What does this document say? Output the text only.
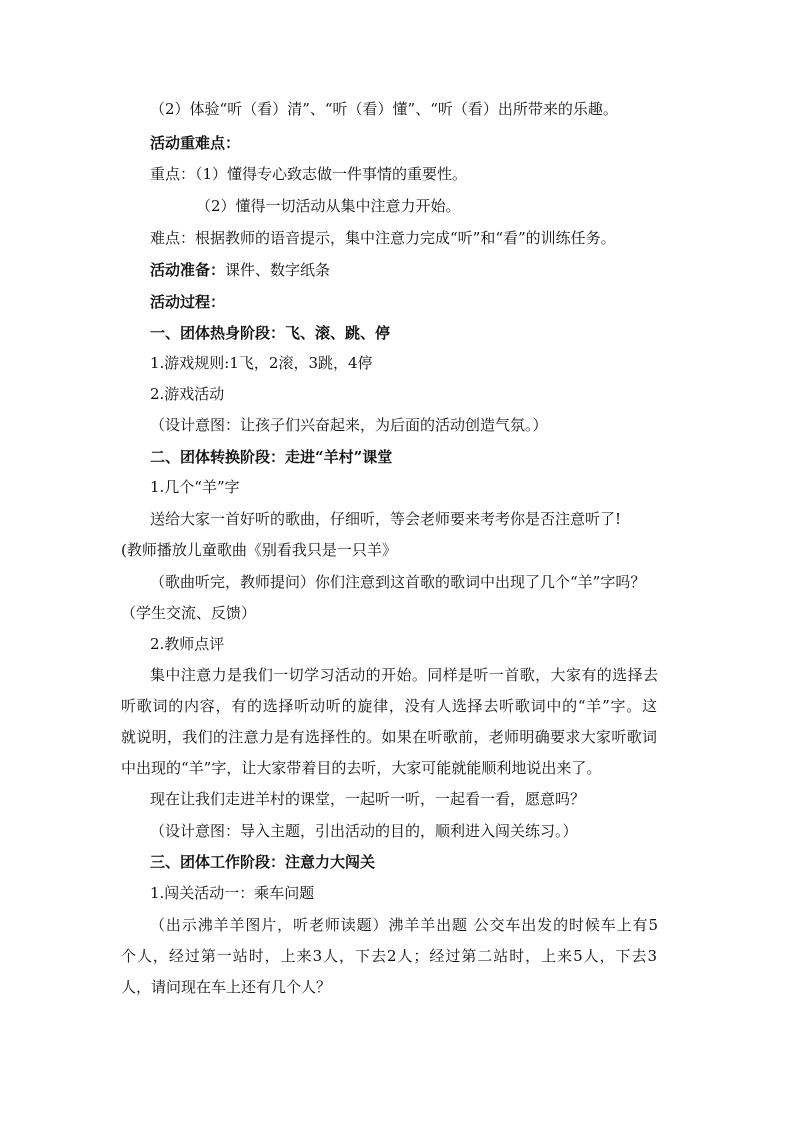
（2）体验“听（看）清”、“听（看）懂”、“听（看）出所带来的乐趣。
活动重难点：
重点：（1）懂得专心致志做一件事情的重要性。
（2）懂得一切活动从集中注意力开始。
难点：根据教师的语音提示，集中注意力完成“听”和“看”的训练任务。
活动准备：课件、数字纸条
活动过程：
一、团体热身阶段：飞、滚、跳、停
1.游戏规则:1飞，2滚，3跳，4停
2.游戏活动
（设计意图：让孩子们兴奋起来，为后面的活动创造气氛。）
二、团体转换阶段：走进“羊村”课堂
1.几个“羊”字
送给大家一首好听的歌曲，仔细听，等会老师要来考考你是否注意听了!
(教师播放儿童歌曲《别看我只是一只羊》
（歌曲听完，教师提问）你们注意到这首歌的歌词中出现了几个“羊”字吗？
（学生交流、反馈）
2.教师点评
集中注意力是我们一切学习活动的开始。同样是听一首歌，大家有的选择去
听歌词的内容，有的选择听动听的旋律，没有人选择去听歌词中的“羊”字。这
就说明，我们的注意力是有选择性的。如果在听歌前，老师明确要求大家听歌词
中出现的“羊”字，让大家带着目的去听，大家可能就能顺利地说出来了。
现在让我们走进羊村的课堂，一起听一听，一起看一看，愿意吗？
（设计意图：导入主题，引出活动的目的，顺利进入闯关练习。）
三、团体工作阶段：注意力大闯关
1.闯关活动一：乘车问题
（出示沸羊羊图片，听老师读题）沸羊羊出题 公交车出发的时候车上有5
个人，经过第一站时，上来3人，下去2人；经过第二站时，上来5人，下去3
人，请问现在车上还有几个人？
